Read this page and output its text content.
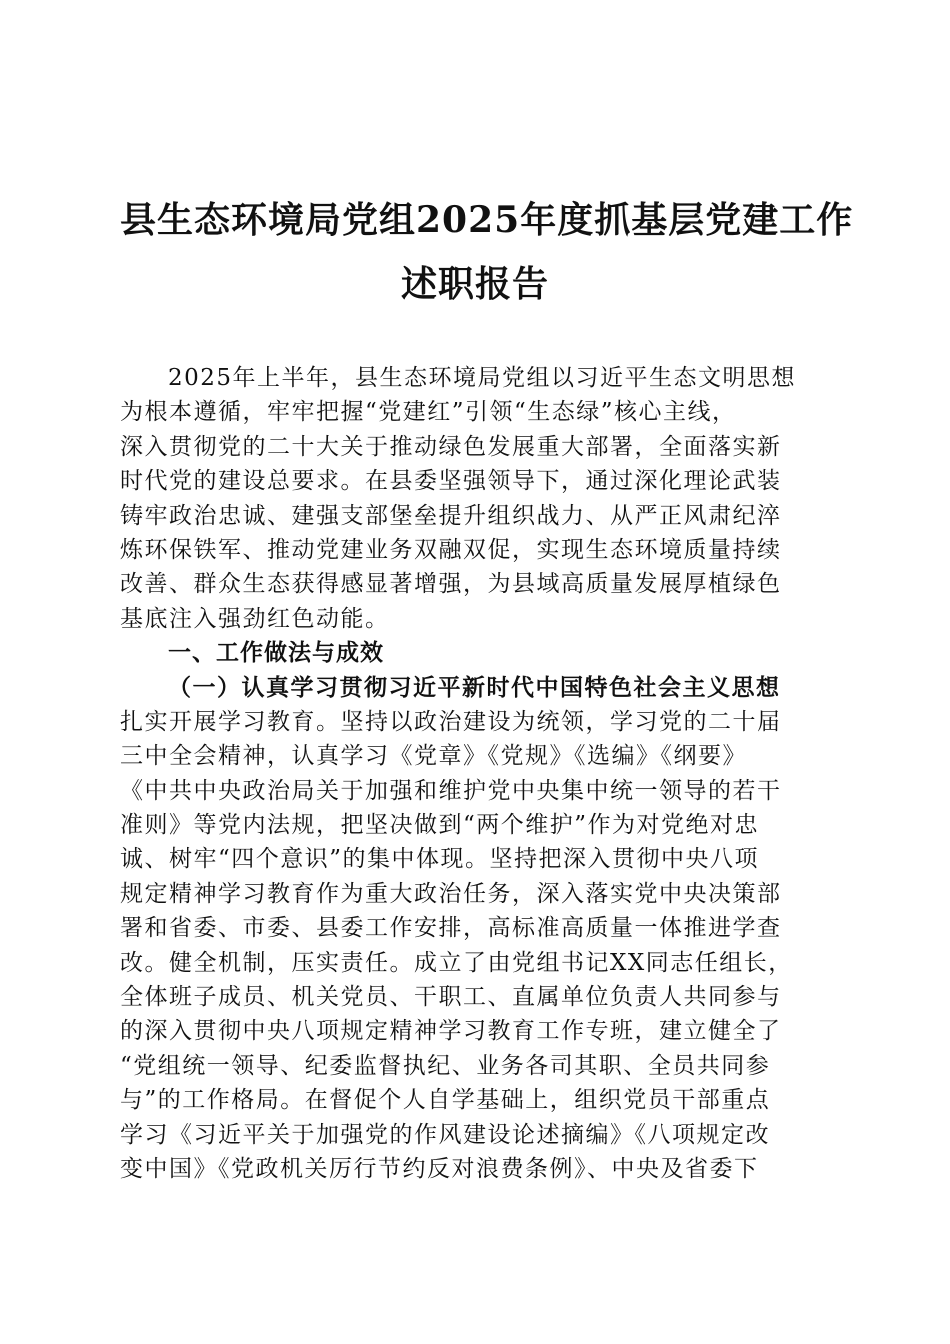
县生态环境局党组2025年度抓基层党建工作
述职报告
2025年上半年，县生态环境局党组以习近平生态文明思想
为根本遵循，牢牢把握“党建红”引领“生态绿”核心主线，
深入贯彻党的二十大关于推动绿色发展重大部署，全面落实新
时代党的建设总要求。在县委坚强领导下，通过深化理论武装
铸牢政治忠诚、建强支部堡垒提升组织战力、从严正风肃纪淬
炼环保铁军、推动党建业务双融双促，实现生态环境质量持续
改善、群众生态获得感显著增强，为县域高质量发展厚植绿色
基底注入强劲红色动能。
一、工作做法与成效
（一）认真学习贯彻习近平新时代中国特色社会主义思想
扎实开展学习教育。坚持以政治建设为统领，学习党的二十届
三中全会精神，认真学习《党章》《党规》《选编》《纲要》
《中共中央政治局关于加强和维护党中央集中统一领导的若干
准则》等党内法规，把坚决做到“两个维护”作为对党绝对忠
诚、树牢“四个意识”的集中体现。坚持把深入贯彻中央八项
规定精神学习教育作为重大政治任务，深入落实党中央决策部
署和省委、市委、县委工作安排，高标准高质量一体推进学查
改。健全机制，压实责任。成立了由党组书记XX同志任组长，
全体班子成员、机关党员、干职工、直属单位负责人共同参与
的深入贯彻中央八项规定精神学习教育工作专班，建立健全了
“党组统一领导、纪委监督执纪、业务各司其职、全员共同参
与”的工作格局。在督促个人自学基础上，组织党员干部重点
学习《习近平关于加强党的作风建设论述摘编》《八项规定改
变中国》《党政机关厉行节约反对浪费条例》、中央及省委下
